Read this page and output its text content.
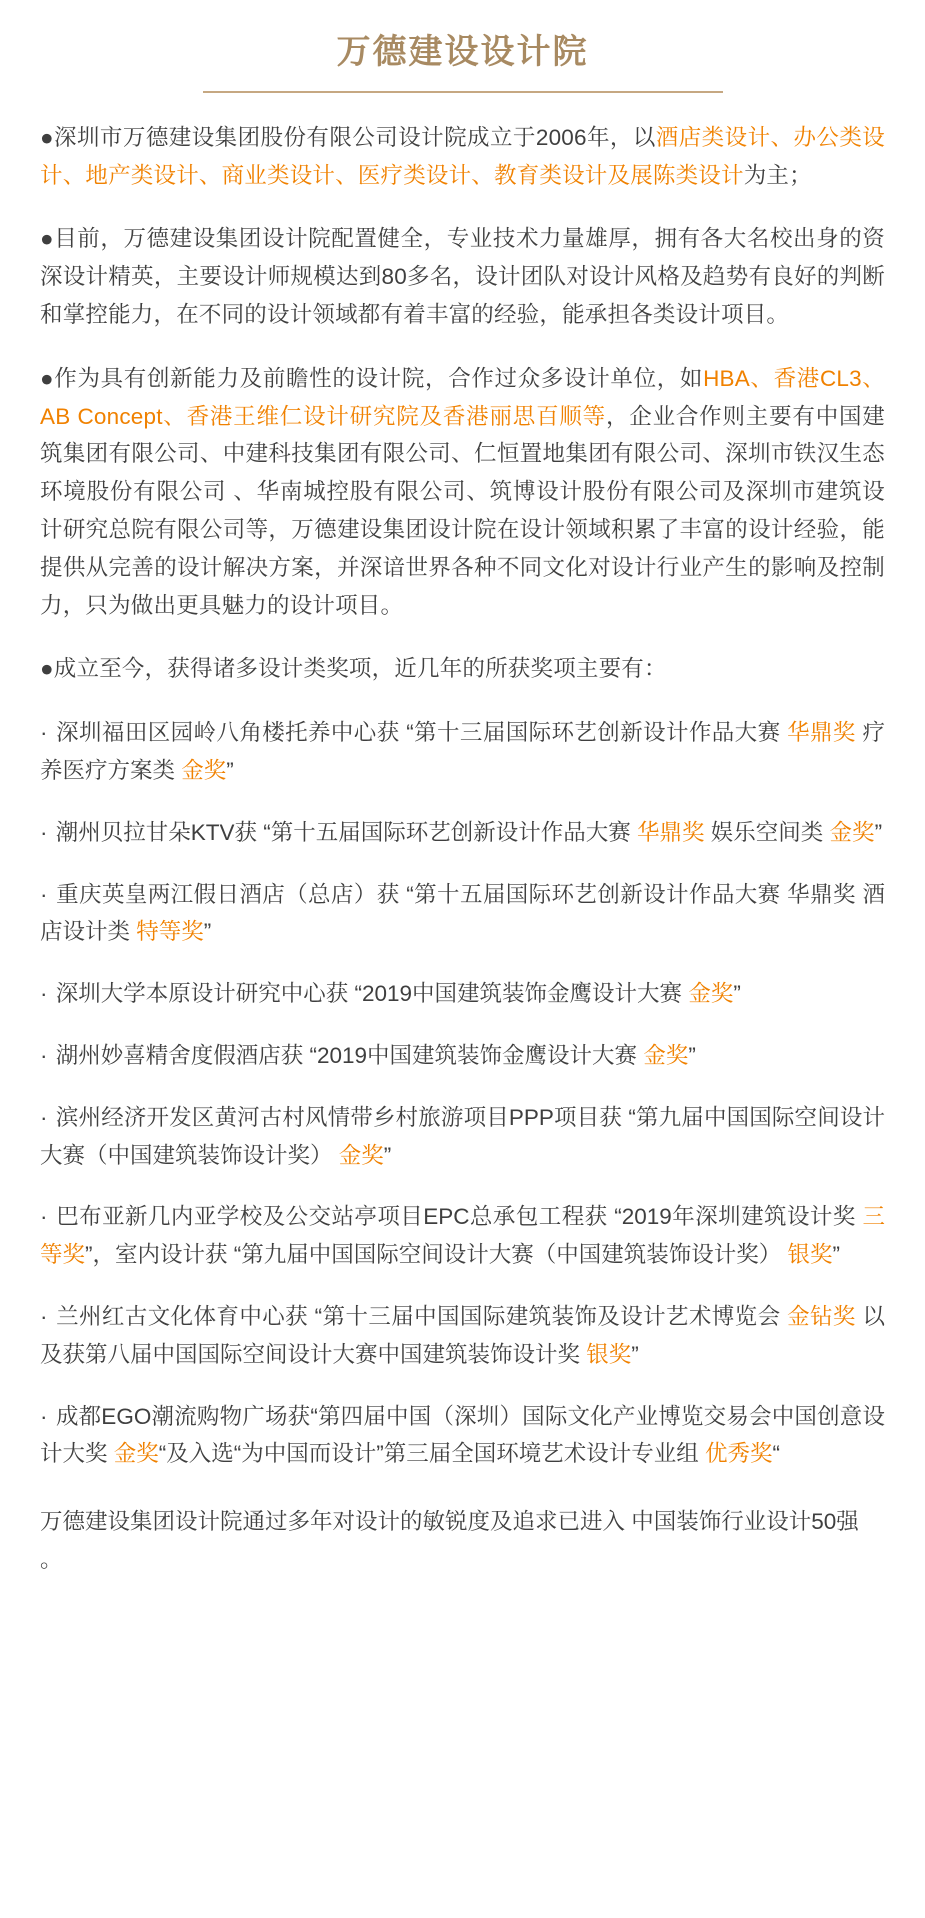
万德建设设计院

●深圳市万德建设集团股份有限公司设计院成立于2006年，以酒店类设计、办公类设计、地产类设计、商业类设计、医疗类设计、教育类设计及展陈类设计为主；

●目前，万德建设集团设计院配置健全，专业技术力量雄厚，拥有各大名校出身的资深设计精英，主要设计师规模达到80多名，设计团队对设计风格及趋势有良好的判断和掌控能力，在不同的设计领域都有着丰富的经验，能承担各类设计项目。

●作为具有创新能力及前瞻性的设计院，合作过众多设计单位，如HBA、香港CL3、AB Concept、香港王维仁设计研究院及香港丽思百顺等，企业合作则主要有中国建筑集团有限公司、中建科技集团有限公司、仁恒置地集团有限公司、深圳市铁汉生态环境股份有限公司 、华南城控股有限公司、筑博设计股份有限公司及深圳市建筑设计研究总院有限公司等，万德建设集团设计院在设计领域积累了丰富的设计经验，能提供从完善的设计解决方案，并深谙世界各种不同文化对设计行业产生的影响及控制力，只为做出更具魅力的设计项目。

●成立至今，获得诸多设计类奖项，近几年的所获奖项主要有：

· 深圳福田区园岭八角楼托养中心获 “第十三届国际环艺创新设计作品大赛 华鼎奖 疗养医疗方案类 金奖”

· 潮州贝拉甘朵KTV获 “第十五届国际环艺创新设计作品大赛 华鼎奖 娱乐空间类 金奖”

· 重庆英皇两江假日酒店（总店）获 “第十五届国际环艺创新设计作品大赛 华鼎奖 酒店设计类 特等奖”

· 深圳大学本原设计研究中心获 “2019中国建筑装饰金鹰设计大赛 金奖”

· 湖州妙喜精舍度假酒店获 “2019中国建筑装饰金鹰设计大赛 金奖”

· 滨州经济开发区黄河古村风情带乡村旅游项目PPP项目获 “第九届中国国际空间设计大赛（中国建筑装饰设计奖） 金奖”

· 巴布亚新几内亚学校及公交站亭项目EPC总承包工程获 “2019年深圳建筑设计奖 三等奖”，室内设计获 “第九届中国国际空间设计大赛（中国建筑装饰设计奖） 银奖”

· 兰州红古文化体育中心获 “第十三届中国国际建筑装饰及设计艺术博览会 金钻奖 以及获第八届中国国际空间设计大赛中国建筑装饰设计奖 银奖”

· 成都EGO潮流购物广场获“第四届中国（深圳）国际文化产业博览交易会中国创意设计大奖 金奖“及入选“为中国而设计”第三届全国环境艺术设计专业组 优秀奖“

万德建设集团设计院通过多年对设计的敏锐度及追求已进入 中国装饰行业设计50强 。
